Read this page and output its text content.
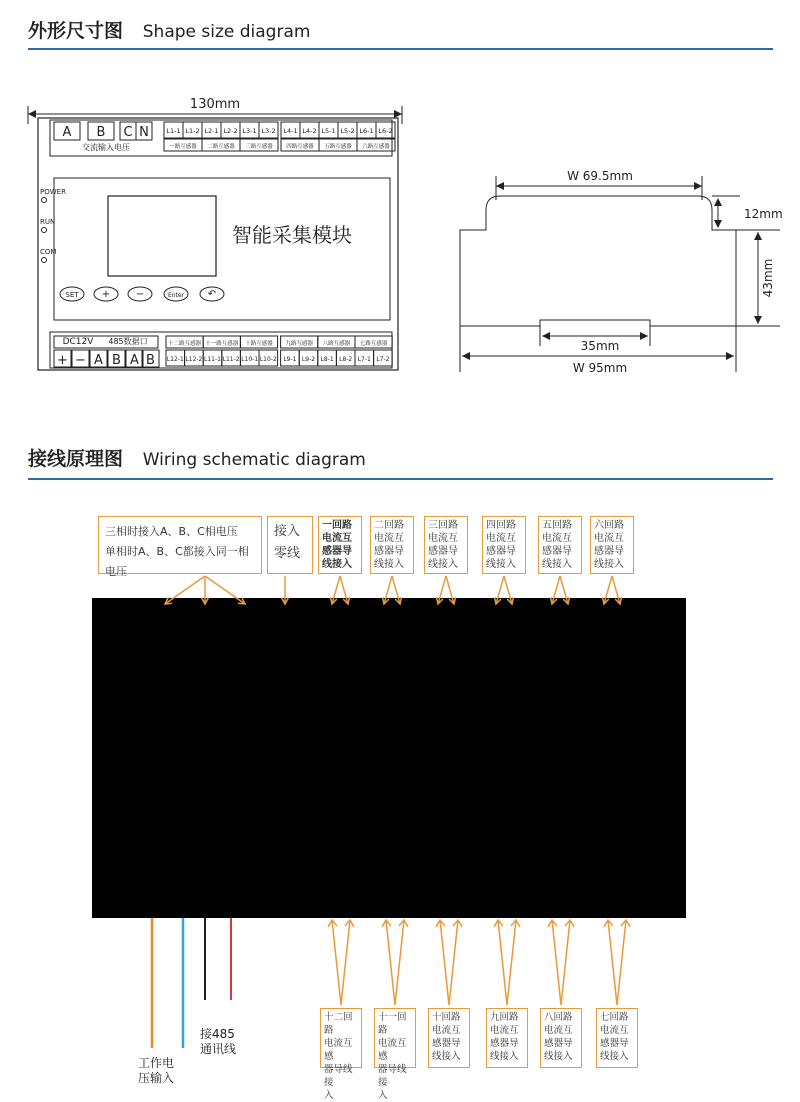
外形尺寸图 Shape size diagram
130mm
A B C N
交流输入电压
L1-1 L1-2 L2-1 L2-2 L3-1 L3-2 L4-1 L4-2 L5-1 L5-2 L6-1 L6-2
一路互感器 二路互感器 三路互感器 四路互感器 五路互感器 六路互感器
智能采集模块
POWER
RUN
COM
SET +	−	Enter ↶
DC12V 485数据口
+ − A B A B L12-1 L12-2 L11-1 L11-2 L10-1 L10-2 L9-1 L9-2 L8-1 L8-2 L7-1 L7-2
十二路互感器 十一路互感器 十路互感器 九路互感器 八路互感器 七路互感器
W 69.5mm
12mm
43mm
35mm
W 95mm
接线原理图 Wiring schematic diagram
三相时接入A、B、C相电压
单相时A、B、C都接入同一相电压
接入
零线
一回路
电流互
感器导
线接入
二回路
电流互
感器导
线接入
三回路
电流互
感器导
线接入
四回路
电流互
感器导
线接入
五回路
电流互
感器导
线接入
六回路
电流互
感器导
线接入
十二回路
电流互感
器导线接
入
十一回路
电流互感
器导线接
入
十回路
电流互
感器导
线接入
九回路
电流互
感器导
线接入
八回路
电流互
感器导
线接入
七回路
电流互
感器导
线接入
工作电
压输入
接485
通讯线
